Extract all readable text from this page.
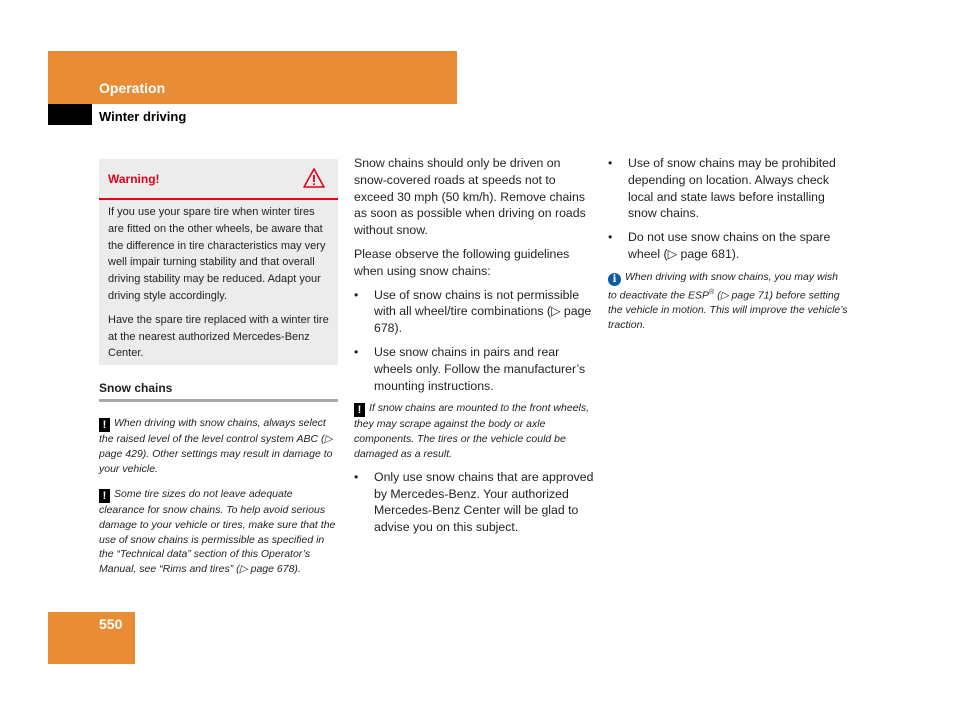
Operation
Winter driving
Warning!

If you use your spare tire when winter tires are fitted on the other wheels, be aware that the difference in tire characteristics may very well impair turning stability and that overall driving stability may be reduced. Adapt your driving style accordingly.

Have the spare tire replaced with a winter tire at the nearest authorized Mercedes-Benz Center.

Snow chains
! When driving with snow chains, always select the raised level of the level control system ABC (▷ page 429). Other settings may result in damage to your vehicle.
! Some tire sizes do not leave adequate clearance for snow chains. To help avoid serious damage to your vehicle or tires, make sure that the use of snow chains is permissible as specified in the “Technical data” section of this Operator’s Manual, see “Rims and tires” (▷ page 678).

Snow chains should only be driven on snow-covered roads at speeds not to exceed 30 mph (50 km/h). Remove chains as soon as possible when driving on roads without snow.

Please observe the following guidelines when using snow chains:

• Use of snow chains is not permissible with all wheel/tire combinations (▷ page 678).
• Use snow chains in pairs and rear wheels only. Follow the manufacturer’s mounting instructions.
! If snow chains are mounted to the front wheels, they may scrape against the body or axle components. The tires or the vehicle could be damaged as a result.
• Only use snow chains that are approved by Mercedes-Benz. Your authorized Mercedes-Benz Center will be glad to advise you on this subject.
• Use of snow chains may be prohibited depending on location. Always check local and state laws before installing snow chains.
• Do not use snow chains on the spare wheel (▷ page 681).
i When driving with snow chains, you may wish to deactivate the ESP® (▷ page 71) before setting the vehicle in motion. This will improve the vehicle’s traction.
550
